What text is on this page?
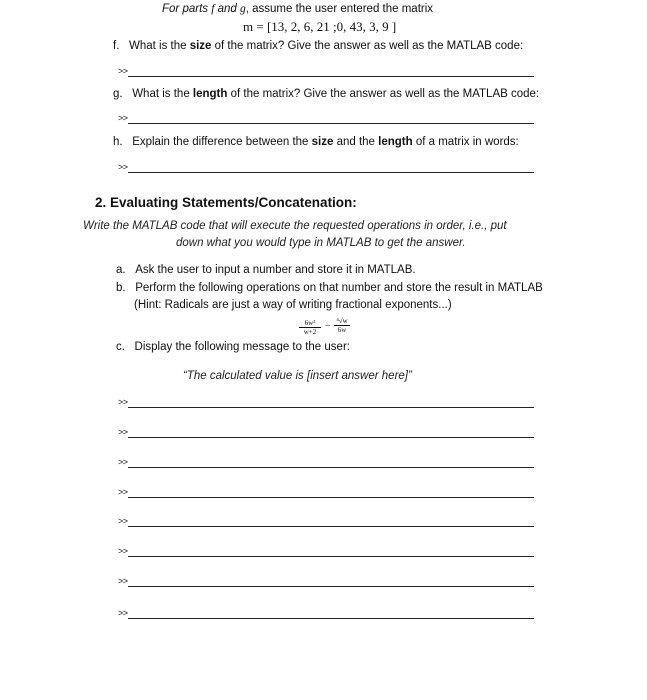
For parts f and g, assume the user entered the matrix
m = [13, 2, 6, 21 ;0, 43, 3, 9 ]
f. What is the size of the matrix? Give the answer as well as the MATLAB code:
>>
g. What is the length of the matrix? Give the answer as well as the MATLAB code:
>>
h. Explain the difference between the size and the length of a matrix in words:
>>
2. Evaluating Statements/Concatenation:
Write the MATLAB code that will execute the requested operations in order, i.e., put
down what you would type in MATLAB to get the answer.
a. Ask the user to input a number and store it in MATLAB.
b. Perform the following operations on that number and store the result in MATLAB
(Hint: Radicals are just a way of writing fractional exponents...)
$\frac{\text{6w³}}{w+2} - \frac{\text{⁴√w}}{6w}$
c. Display the following message to the user:
“The calculated value is [insert answer here]”
>>
>>
>>
>>
>>
>>
>>
>>
